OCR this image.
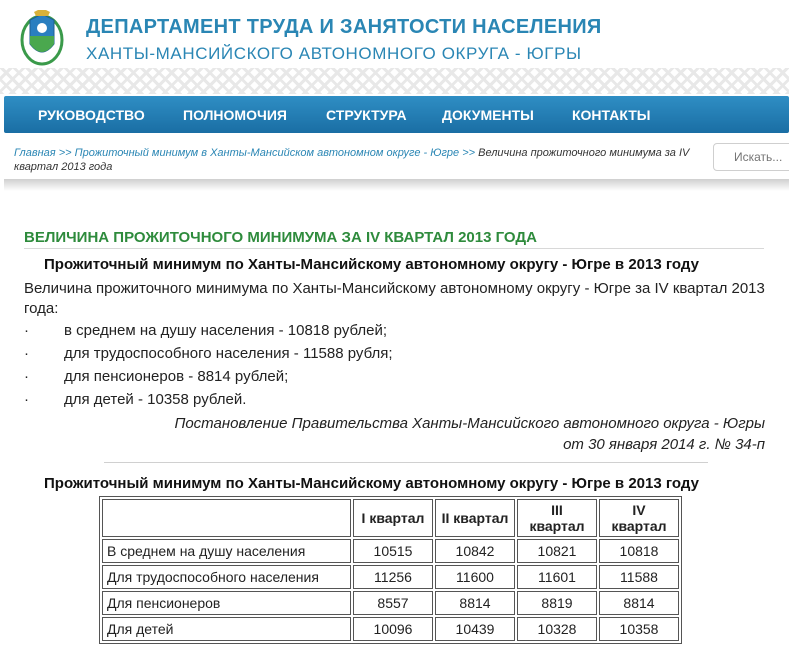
ДЕПАРТАМЕНТ ТРУДА И ЗАНЯТОСТИ НАСЕЛЕНИЯ
ХАНТЫ-МАНСИЙСКОГО АВТОНОМНОГО ОКРУГА - ЮГРЫ
РУКОВОДСТВО	ПОЛНОМОЧИЯ	СТРУКТУРА	ДОКУМЕНТЫ	КОНТАКТЫ
Главная >> Прожиточный минимум в Ханты-Мансийском автономном округе - Югре >> Величина прожиточного минимума за IV квартал 2013 года
Искать...
ВЕЛИЧИНА ПРОЖИТОЧНОГО МИНИМУМА ЗА IV КВАРТАЛ 2013 ГОДА
Прожиточный минимум по Ханты-Мансийскому автономному округу - Югре в 2013 году
Величина прожиточного минимума по Ханты-Мансийскому автономному округу - Югре за IV квартал 2013 года:
· в среднем на душу населения - 10818 рублей;
· для трудоспособного населения - 11588 рубля;
· для пенсионеров - 8814 рублей;
· для детей - 10358 рублей.
Постановление Правительства Ханты-Мансийского автономного округа - Югры
от 30 января 2014 г. № 34-п
Прожиточный минимум по Ханты-Мансийскому автономному округу - Югре в 2013 году
	I квартал	II квартал	III квартал	IV квартал
В среднем на душу населения	10515	10842	10821	10818
Для трудоспособного населения	11256	11600	11601	11588
Для пенсионеров	8557	8814	8819	8814
Для детей	10096	10439	10328	10358
